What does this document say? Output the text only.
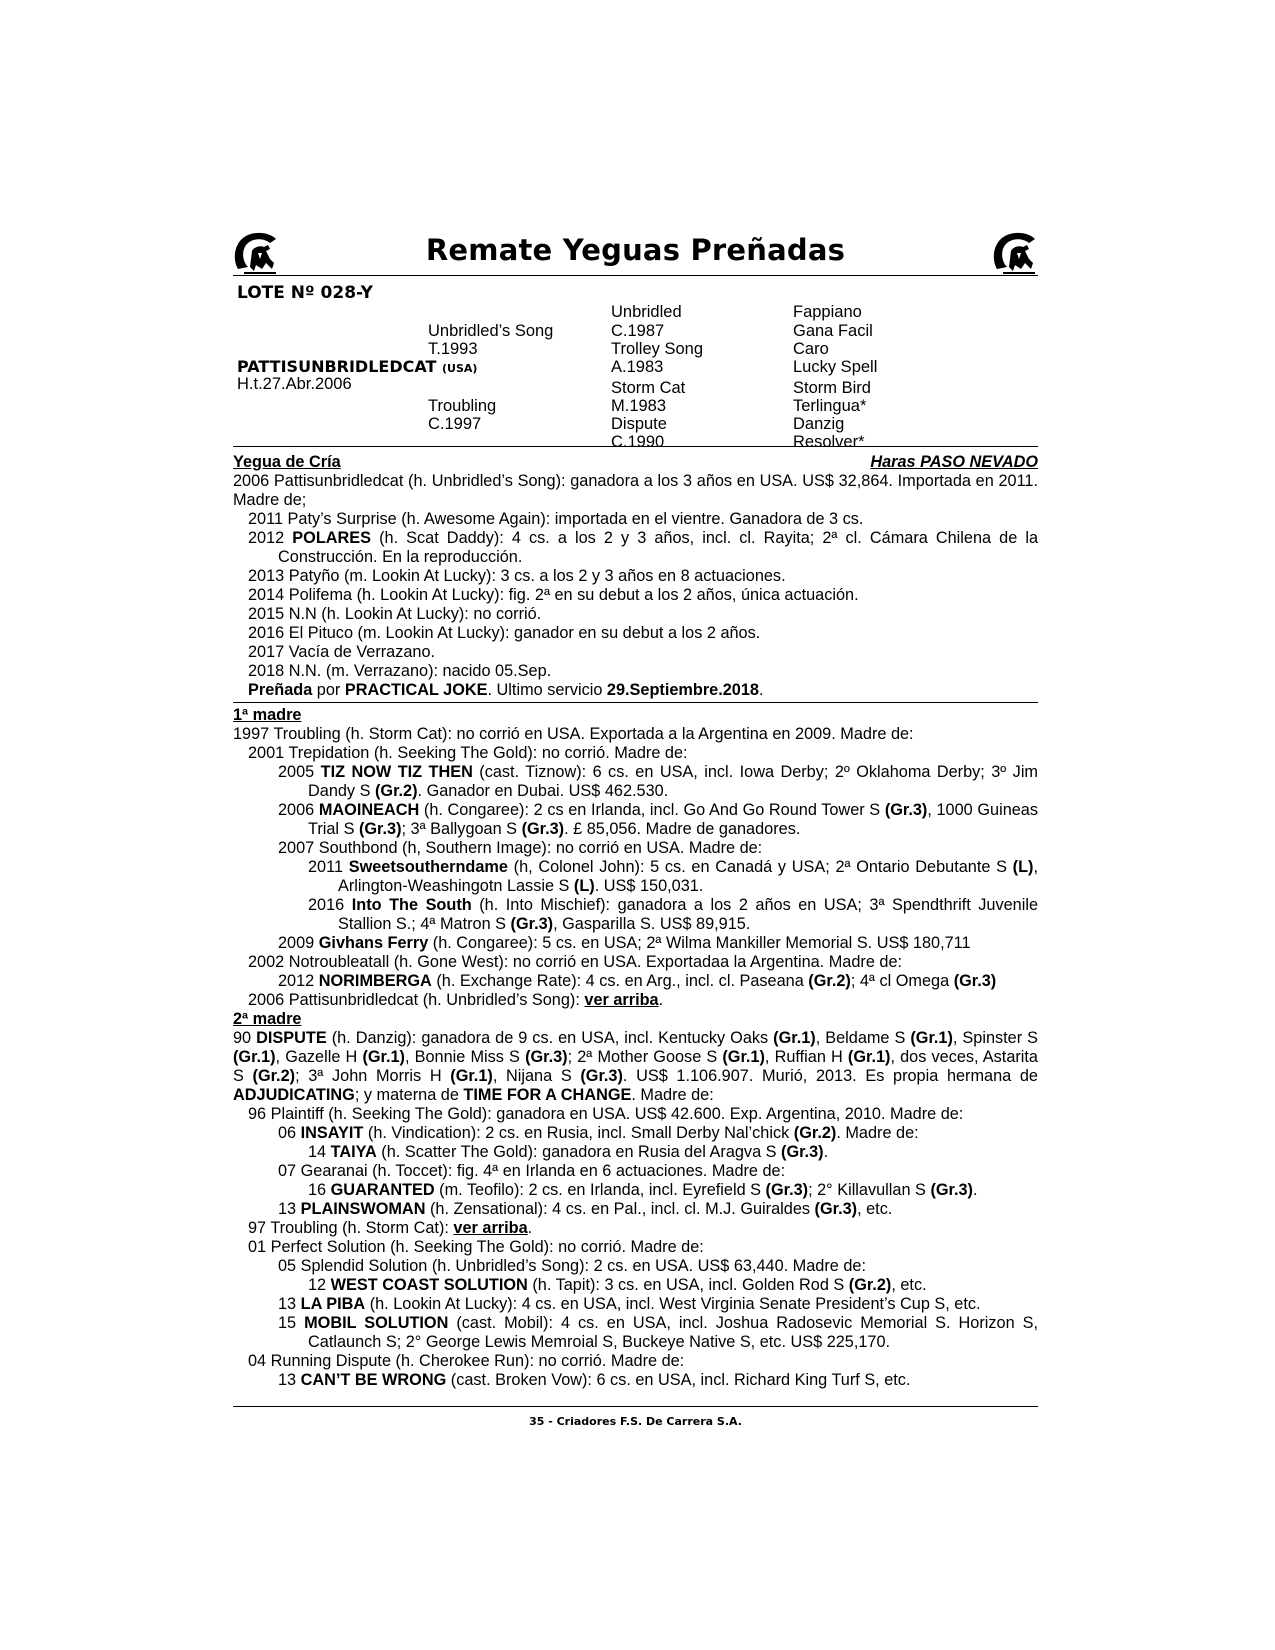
Remate Yeguas Preñadas
LOTE Nº 028-Y
PATTISUNBRIDLEDCAT (USA)
H.t.27.Abr.2006
Unbridled’s Song
T.1993
Troubling
C.1997
Unbridled
C.1987
Trolley Song
A.1983
Storm Cat
M.1983
Dispute
C.1990
Fappiano
Gana Facil
Caro
Lucky Spell
Storm Bird
Terlingua*
Danzig
Resolver*
Yegua de Cría	Haras PASO NEVADO

2006 Pattisunbridledcat (h. Unbridled’s Song): ganadora a los 3 años en USA. US$ 32,864. Importada en 2011. Madre de;

2011 Paty’s Surprise (h. Awesome Again): importada en el vientre. Ganadora de 3 cs.

2012 POLARES (h. Scat Daddy): 4 cs. a los 2 y 3 años, incl. cl. Rayita; 2ª cl. Cámara Chilena de la Construcción. En la reproducción.

2013 Patyño (m. Lookin At Lucky): 3 cs. a los 2 y 3 años en 8 actuaciones.

2014 Polifema (h. Lookin At Lucky): fig. 2ª en su debut a los 2 años, única actuación.

2015 N.N (h. Lookin At Lucky): no corrió.

2016 El Pituco (m. Lookin At Lucky): ganador en su debut a los 2 años.

2017 Vacía de Verrazano.

2018 N.N. (m. Verrazano): nacido 05.Sep.

Preñada por PRACTICAL JOKE. Ultimo servicio 29.Septiembre.2018.

1ª madre

1997 Troubling (h. Storm Cat): no corrió en USA. Exportada a la Argentina en 2009. Madre de:

2001 Trepidation (h. Seeking The Gold): no corrió. Madre de:

2005 TIZ NOW TIZ THEN (cast. Tiznow): 6 cs. en USA, incl. Iowa Derby; 2º Oklahoma Derby; 3º Jim Dandy S (Gr.2). Ganador en Dubai. US$ 462.530.

2006 MAOINEACH (h. Congaree): 2 cs en Irlanda, incl. Go And Go Round Tower S (Gr.3), 1000 Guineas Trial S (Gr.3); 3ª Ballygoan S (Gr.3). £ 85,056. Madre de ganadores.

2007 Southbond (h, Southern Image): no corrió en USA. Madre de:

2011 Sweetsoutherndame (h, Colonel John): 5 cs. en Canadá y USA; 2ª Ontario Debutante S (L), Arlington-Weashingotn Lassie S (L). US$ 150,031.

2016 Into The South (h. Into Mischief): ganadora a los 2 años en USA; 3ª Spendthrift Juvenile Stallion S.; 4ª Matron S (Gr.3), Gasparilla S. US$ 89,915.

2009 Givhans Ferry (h. Congaree): 5 cs. en USA; 2ª Wilma Mankiller Memorial S. US$ 180,711

2002 Notroubleatall (h. Gone West): no corrió en USA. Exportadaa la Argentina. Madre de:

2012 NORIMBERGA (h. Exchange Rate): 4 cs. en Arg., incl. cl. Paseana (Gr.2); 4ª cl Omega (Gr.3)

2006 Pattisunbridledcat (h. Unbridled’s Song): ver arriba.

2ª madre

90 DISPUTE (h. Danzig): ganadora de 9 cs. en USA, incl. Kentucky Oaks (Gr.1), Beldame S (Gr.1), Spinster S (Gr.1), Gazelle H (Gr.1), Bonnie Miss S (Gr.3); 2ª Mother Goose S (Gr.1), Ruffian H (Gr.1), dos veces, Astarita S (Gr.2); 3ª John Morris H (Gr.1), Nijana S (Gr.3). US$ 1.106.907. Murió, 2013. Es propia hermana de ADJUDICATING; y materna de TIME FOR A CHANGE. Madre de:

96 Plaintiff (h. Seeking The Gold): ganadora en USA. US$ 42.600. Exp. Argentina, 2010. Madre de:

06 INSAYIT (h. Vindication): 2 cs. en Rusia, incl. Small Derby Nal’chick (Gr.2). Madre de:

14 TAIYA (h. Scatter The Gold): ganadora en Rusia del Aragva S (Gr.3).

07 Gearanai (h. Toccet): fig. 4ª en Irlanda en 6 actuaciones. Madre de:

16 GUARANTED (m. Teofilo): 2 cs. en Irlanda, incl. Eyrefield S (Gr.3); 2° Killavullan S (Gr.3).

13 PLAINSWOMAN (h. Zensational): 4 cs. en Pal., incl. cl. M.J. Guiraldes (Gr.3), etc.

97 Troubling (h. Storm Cat): ver arriba.

01 Perfect Solution (h. Seeking The Gold): no corrió. Madre de:

05 Splendid Solution (h. Unbridled’s Song): 2 cs. en USA. US$ 63,440. Madre de:

12 WEST COAST SOLUTION (h. Tapit): 3 cs. en USA, incl. Golden Rod S (Gr.2), etc.

13 LA PIBA (h. Lookin At Lucky): 4 cs. en USA, incl. West Virginia Senate President’s Cup S, etc.

15 MOBIL SOLUTION (cast. Mobil): 4 cs. en USA, incl. Joshua Radosevic Memorial S. Horizon S, Catlaunch S; 2° George Lewis Memroial S, Buckeye Native S, etc. US$ 225,170.

04 Running Dispute (h. Cherokee Run): no corrió. Madre de:

13 CAN’T BE WRONG (cast. Broken Vow): 6 cs. en USA, incl. Richard King Turf S, etc.

35 - Criadores F.S. De Carrera S.A.
